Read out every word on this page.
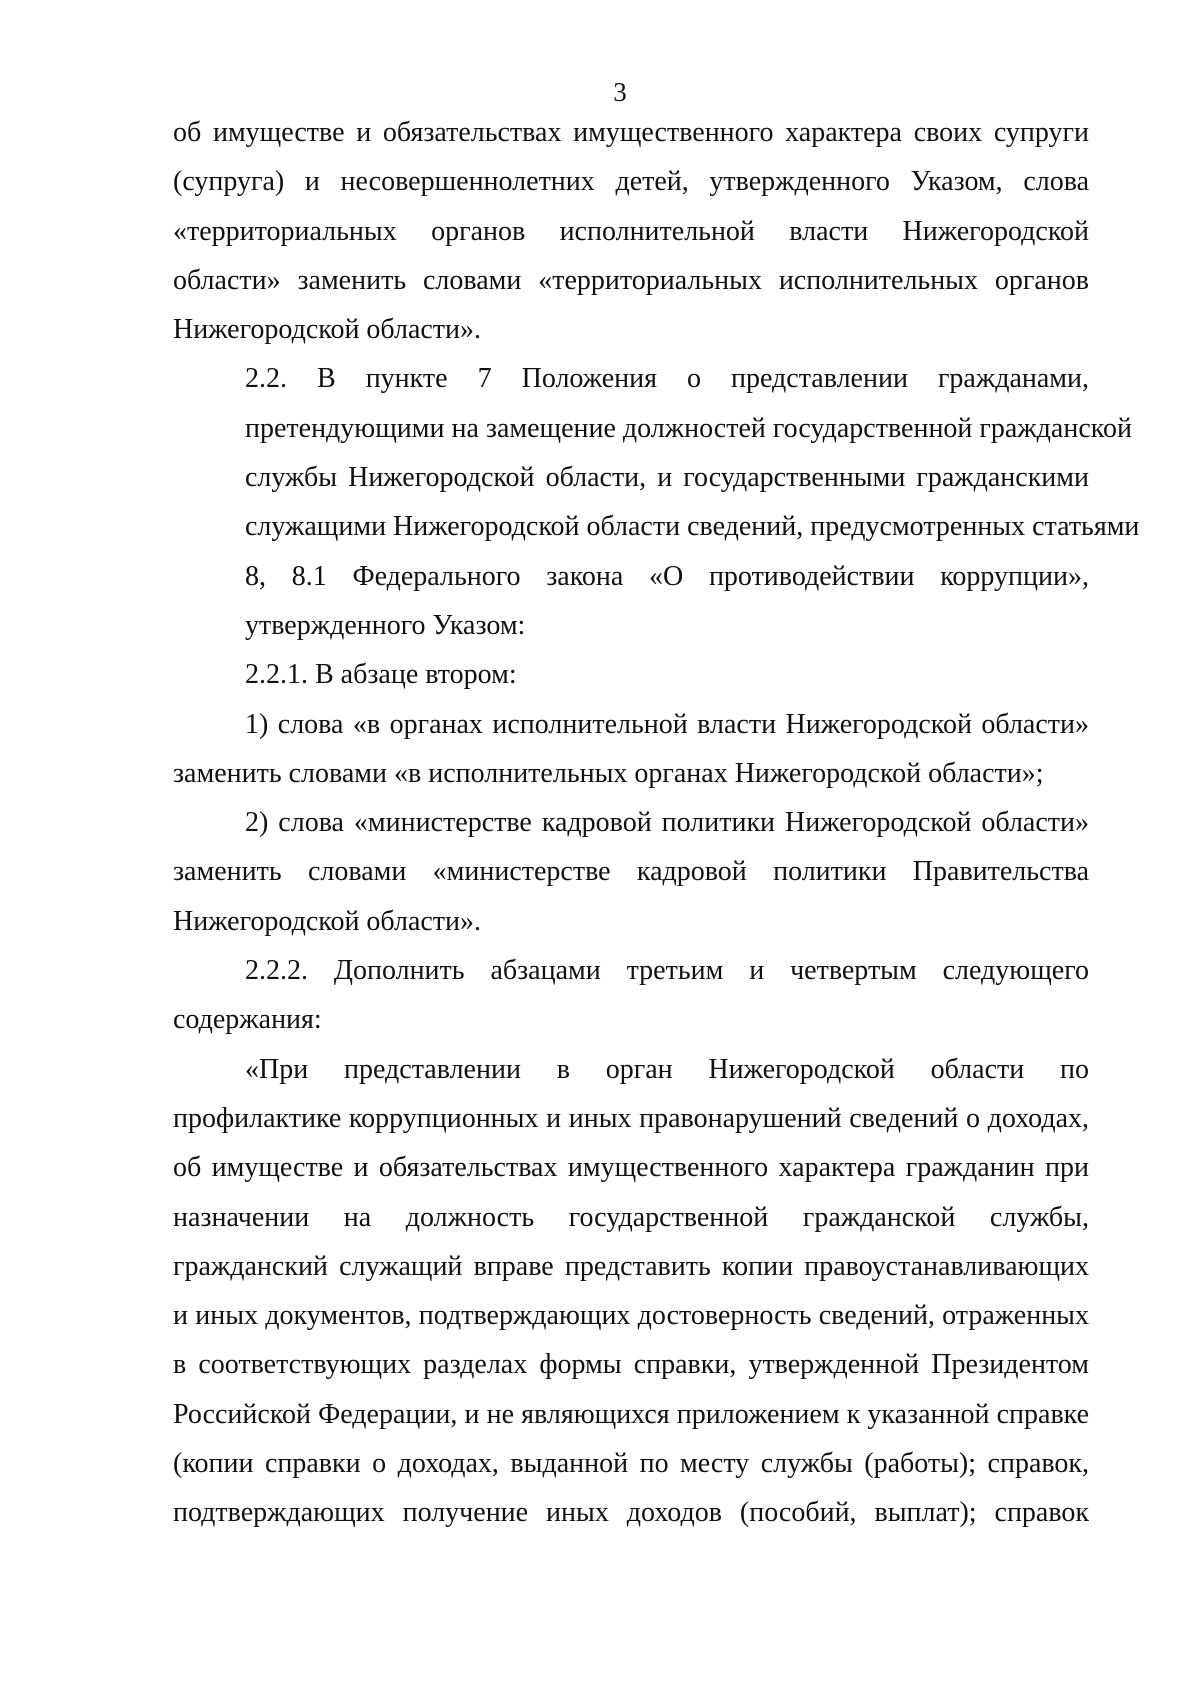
3

об имуществе и обязательствах имущественного характера своих супруги
(супруга) и несовершеннолетних детей, утвержденного Указом, слова
«территориальных органов исполнительной власти Нижегородской
области» заменить словами «территориальных исполнительных органов
Нижегородской области».

2.2. В пункте 7 Положения о представлении гражданами,
претендующими на замещение должностей государственной гражданской
службы Нижегородской области, и государственными гражданскими
служащими Нижегородской области сведений, предусмотренных статьями
8, 8.1 Федерального закона «О противодействии коррупции»,
утвержденного Указом:

2.2.1. В абзаце втором:

1) слова «в органах исполнительной власти Нижегородской области»
заменить словами «в исполнительных органах Нижегородской области»;

2) слова «министерстве кадровой политики Нижегородской области»
заменить словами «министерстве кадровой политики Правительства
Нижегородской области».

2.2.2. Дополнить абзацами третьим и четвертым следующего
содержания:

«При представлении в орган Нижегородской области по
профилактике коррупционных и иных правонарушений сведений о доходах,
об имуществе и обязательствах имущественного характера гражданин при
назначении на должность государственной гражданской службы,
гражданский служащий вправе представить копии правоустанавливающих
и иных документов, подтверждающих достоверность сведений, отраженных
в соответствующих разделах формы справки, утвержденной Президентом
Российской Федерации, и не являющихся приложением к указанной справке
(копии справки о доходах, выданной по месту службы (работы); справок,
подтверждающих получение иных доходов (пособий, выплат); справок
